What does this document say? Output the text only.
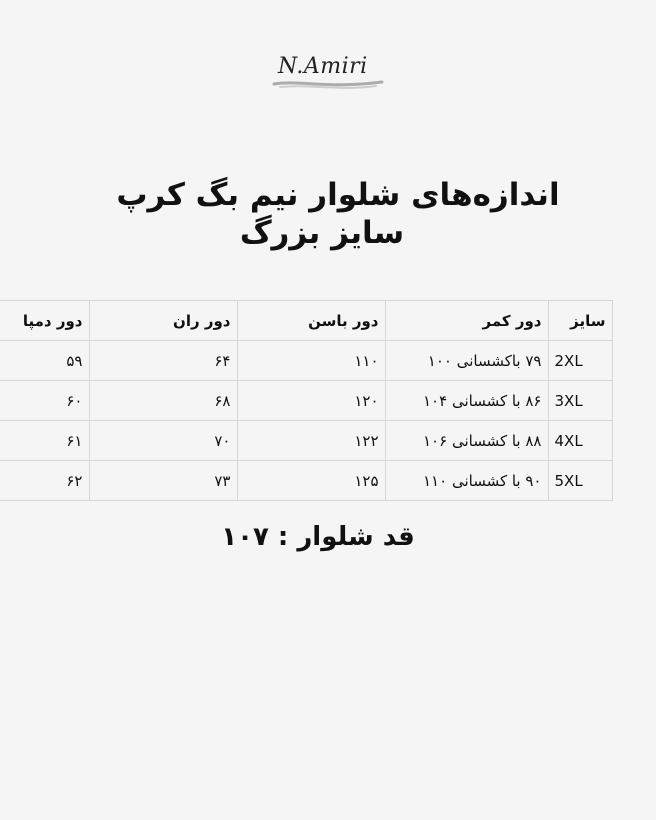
N.Amiri
اندازه‌های شلوار نیم بگ کرپ
سایز بزرگ
سایز	دور کمر	دور باسن	دور ران	دور دمپا
2XL	۷۹ باکشسانی ۱۰۰	۱۱۰	۶۴	۵۹
3XL	۸۶ با کشسانی ۱۰۴	۱۲۰	۶۸	۶۰
4XL	۸۸ با کشسانی ۱۰۶	۱۲۲	۷۰	۶۱
5XL	۹۰ با کشسانی ۱۱۰	۱۲۵	۷۳	۶۲
قد شلوار : ۱۰۷
